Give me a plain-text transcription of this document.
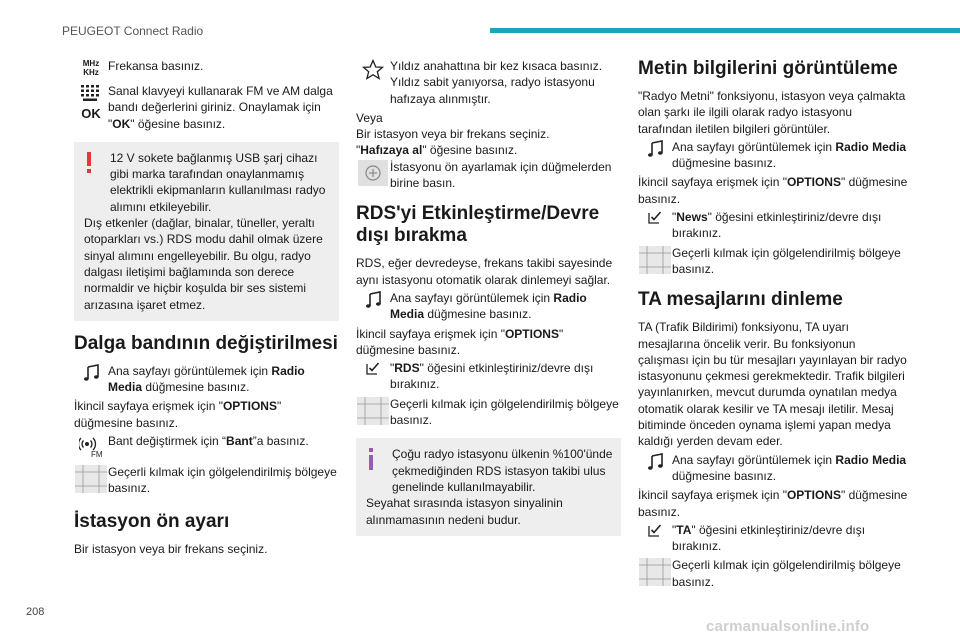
PEUGEOT Connect Radio
208
carmanualsonline.info
MHz KHz Frekansa basınız.
OK
Sanal klavyeyi kullanarak FM ve AM dalga bandı değerlerini giriniz. Onaylamak için "OK" öğesine basınız.
12 V sokete bağlanmış USB şarj cihazı gibi marka tarafından onaylanmamış elektrikli ekipmanların kullanılması radyo alımını etkileyebilir.
Dış etkenler (dağlar, binalar, tüneller, yeraltı otoparkları vs.) RDS modu dahil olmak üzere sinyal alımını engelleyebilir. Bu olgu, radyo dalgası iletişimi bağlamında son derece normaldir ve hiçbir koşulda bir ses sistemi arızasına işaret etmez.
Dalga bandının değiştirilmesi
Ana sayfayı görüntülemek için Radio Media düğmesine basınız.
İkincil sayfaya erişmek için "OPTIONS" düğmesine basınız.
FM
Bant değiştirmek için “Bant”a basınız.
Geçerli kılmak için gölgelendirilmiş bölgeye basınız.
İstasyon ön ayarı
Bir istasyon veya bir frekans seçiniz.
Yıldız anahattına bir kez kısaca basınız. Yıldız sabit yanıyorsa, radyo istasyonu hafızaya alınmıştır.
Veya
Bir istasyon veya bir frekans seçiniz.
"Hafızaya al" öğesine basınız.
İstasyonu ön ayarlamak için düğmelerden birine basın.
RDS'yi Etkinleştirme/Devre dışı bırakma
RDS, eğer devredeyse, frekans takibi sayesinde aynı istasyonu otomatik olarak dinlemeyi sağlar.
Ana sayfayı görüntülemek için Radio Media düğmesine basınız.
İkincil sayfaya erişmek için "OPTIONS" düğmesine basınız.
"RDS" öğesini etkinleştiriniz/devre dışı bırakınız.
Geçerli kılmak için gölgelendirilmiş bölgeye basınız.
Çoğu radyo istasyonu ülkenin %100'ünde çekmediğinden RDS istasyon takibi ulus genelinde kullanılmayabilir.
Seyahat sırasında istasyon sinyalinin alınmamasının nedeni budur.
Metin bilgilerini görüntüleme
"Radyo Metni" fonksiyonu, istasyon veya çalmakta olan şarkı ile ilgili olarak radyo istasyonu tarafından iletilen bilgileri görüntüler.
Ana sayfayı görüntülemek için Radio Media düğmesine basınız.
İkincil sayfaya erişmek için "OPTIONS" düğmesine basınız.
"News" öğesini etkinleştiriniz/devre dışı bırakınız.
Geçerli kılmak için gölgelendirilmiş bölgeye basınız.
TA mesajlarını dinleme
TA (Trafik Bildirimi) fonksiyonu, TA uyarı mesajlarına öncelik verir. Bu fonksiyonun çalışması için bu tür mesajları yayınlayan bir radyo istasyonunu çekmesi gerekmektedir. Trafik bilgileri yayınlanırken, mevcut durumda oynatılan medya otomatik olarak kesilir ve TA mesajı iletilir. Mesaj bitiminde önceden oynama işlemi yapan medya kaldığı yerden devam eder.
Ana sayfayı görüntülemek için Radio Media düğmesine basınız.
İkincil sayfaya erişmek için "OPTIONS" düğmesine basınız.
"TA" öğesini etkinleştiriniz/devre dışı bırakınız.
Geçerli kılmak için gölgelendirilmiş bölgeye basınız.
